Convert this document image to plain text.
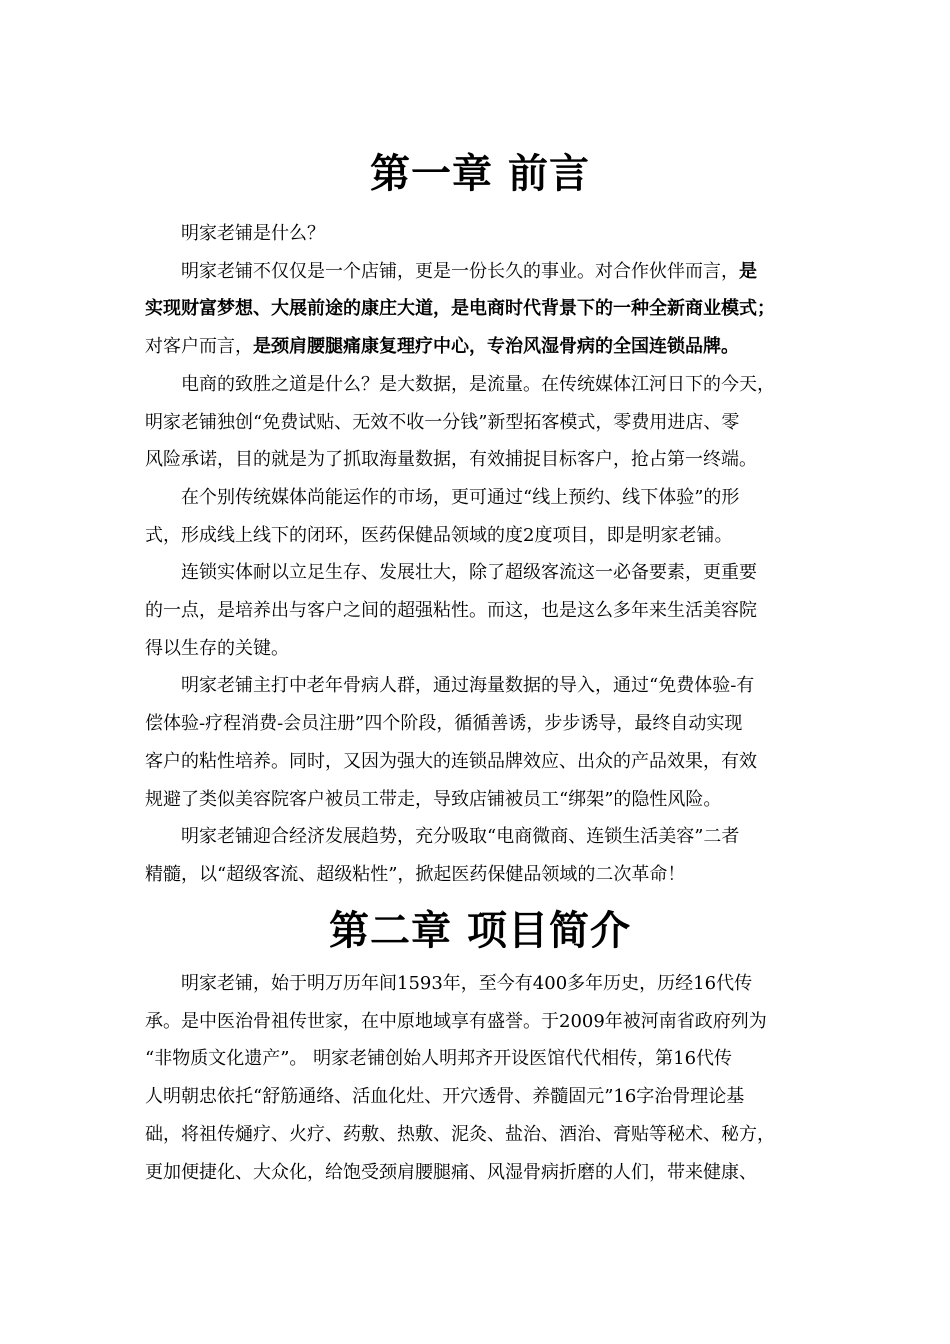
第一章 前言

明家老铺是什么？

明家老铺不仅仅是一个店铺，更是一份长久的事业。对合作伙伴而言，是
实现财富梦想、大展前途的康庄大道，是电商时代背景下的一种全新商业模式；
对客户而言，是颈肩腰腿痛康复理疗中心，专治风湿骨病的全国连锁品牌。

电商的致胜之道是什么？是大数据，是流量。在传统媒体江河日下的今天，
明家老铺独创“免费试贴、无效不收一分钱”新型拓客模式，零费用进店、零
风险承诺，目的就是为了抓取海量数据，有效捕捉目标客户，抢占第一终端。

在个别传统媒体尚能运作的市场，更可通过“线上预约、线下体验”的形
式，形成线上线下的闭环，医药保健品领域的度2度项目，即是明家老铺。

连锁实体耐以立足生存、发展壮大，除了超级客流这一必备要素，更重要
的一点，是培养出与客户之间的超强粘性。而这，也是这么多年来生活美容院
得以生存的关键。

明家老铺主打中老年骨病人群，通过海量数据的导入，通过“免费体验-有
偿体验-疗程消费-会员注册”四个阶段，循循善诱，步步诱导，最终自动实现
客户的粘性培养。同时，又因为强大的连锁品牌效应、出众的产品效果，有效
规避了类似美容院客户被员工带走，导致店铺被员工“绑架”的隐性风险。

明家老铺迎合经济发展趋势，充分吸取“电商微商、连锁生活美容”二者
精髓，以“超级客流、超级粘性”，掀起医药保健品领域的二次革命！

第二章 项目简介

明家老铺，始于明万历年间1593年，至今有400多年历史，历经16代传
承。是中医治骨祖传世家，在中原地域享有盛誉。于2009年被河南省政府列为
“非物质文化遗产”。 明家老铺创始人明邦齐开设医馆代代相传，第16代传
人明朝忠依托“舒筋通络、活血化灶、开穴透骨、养髓固元”16字治骨理论基
础，将祖传熥疗、火疗、药敷、热敷、泥灸、盐治、酒治、膏贴等秘术、秘方，
更加便捷化、大众化，给饱受颈肩腰腿痛、风湿骨病折磨的人们，带来健康、
